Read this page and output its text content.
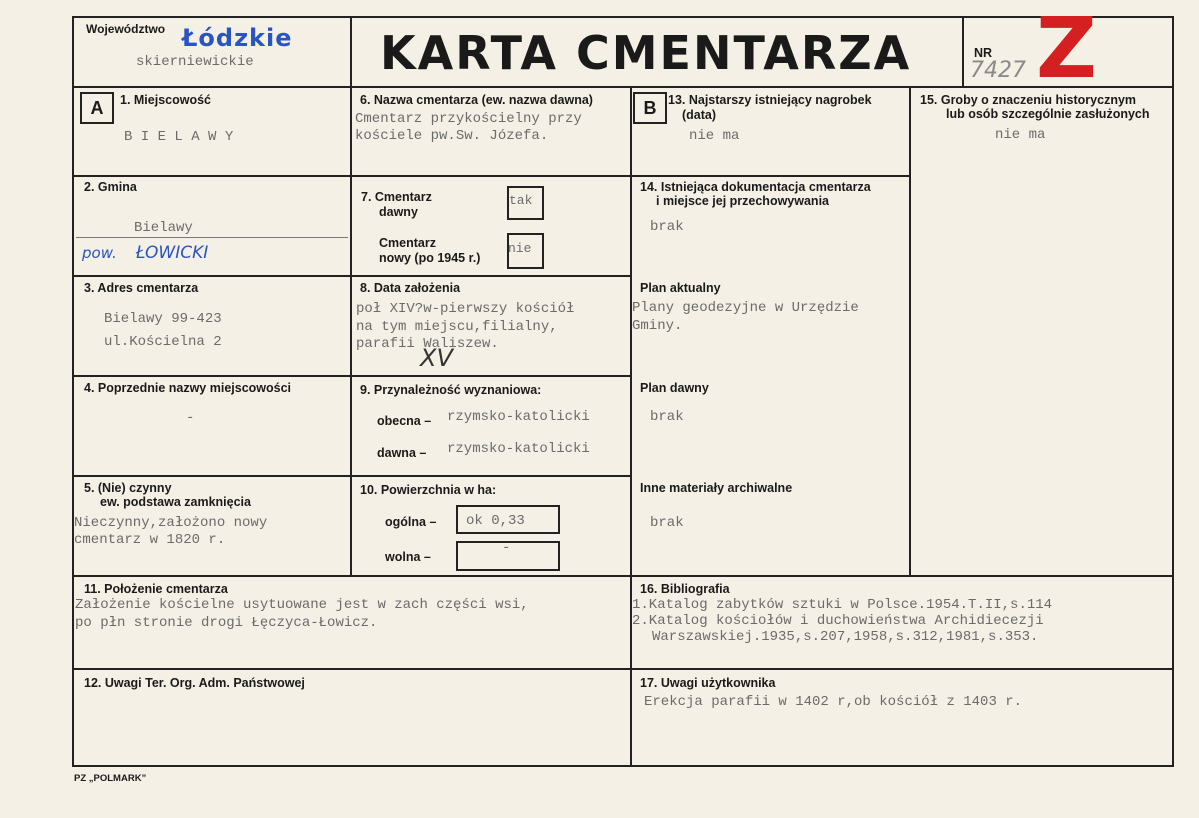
Województwo Łódzkie
skierniewickie	KARTA CMENTARZA	NR
7427 Z
A	B
1. Miejscowość
B I E L A W Y
2. Gmina
Bielawy
pow. ŁOWICKI
3. Adres cmentarza
Bielawy 99-423
ul.Kościelna 2
4. Poprzednie nazwy miejscowości
-
5. (Nie) czynny
ew. podstawa zamknięcia
Nieczynny,założono nowy
cmentarz w 1820 r.
6. Nazwa cmentarza (ew. nazwa dawna)
Cmentarz przykościelny przy
kościele pw.Sw. Józefa.
7. Cmentarz
dawny
tak
Cmentarz
nowy (po 1945 r.)
nie
8. Data założenia
poł XIV?w-pierwszy kościół
na tym miejscu,filialny,
parafii Waliszew.
XV
9. Przynależność wyznaniowa:
obecna – rzymsko-katolicki
dawna – rzymsko-katolicki
10. Powierzchnia w ha:
ogólna – ok 0,33
wolna –
-
11. Położenie cmentarza
Założenie kościelne usytuowane jest w zach części wsi,
po płn stronie drogi Łęczyca-Łowicz.
12. Uwagi Ter. Org. Adm. Państwowej
13. Najstarszy istniejący nagrobek
(data)
nie ma
14. Istniejąca dokumentacja cmentarza
i miejsce jej przechowywania
brak
Plan aktualny
Plany geodezyjne w Urzędzie
Gminy.
Plan dawny
brak
Inne materiały archiwalne
brak
15. Groby o znaczeniu historycznym
lub osób szczególnie zasłużonych
nie ma
16. Bibliografia
1.Katalog zabytków sztuki w Polsce.1954.T.II,s.114
2.Katalog kościołów i duchowieństwa Archidiecezji
Warszawskiej.1935,s.207,1958,s.312,1981,s.353.
17. Uwagi użytkownika
Erekcja parafii w 1402 r,ob kościół z 1403 r.
PZ „POLMARK”
